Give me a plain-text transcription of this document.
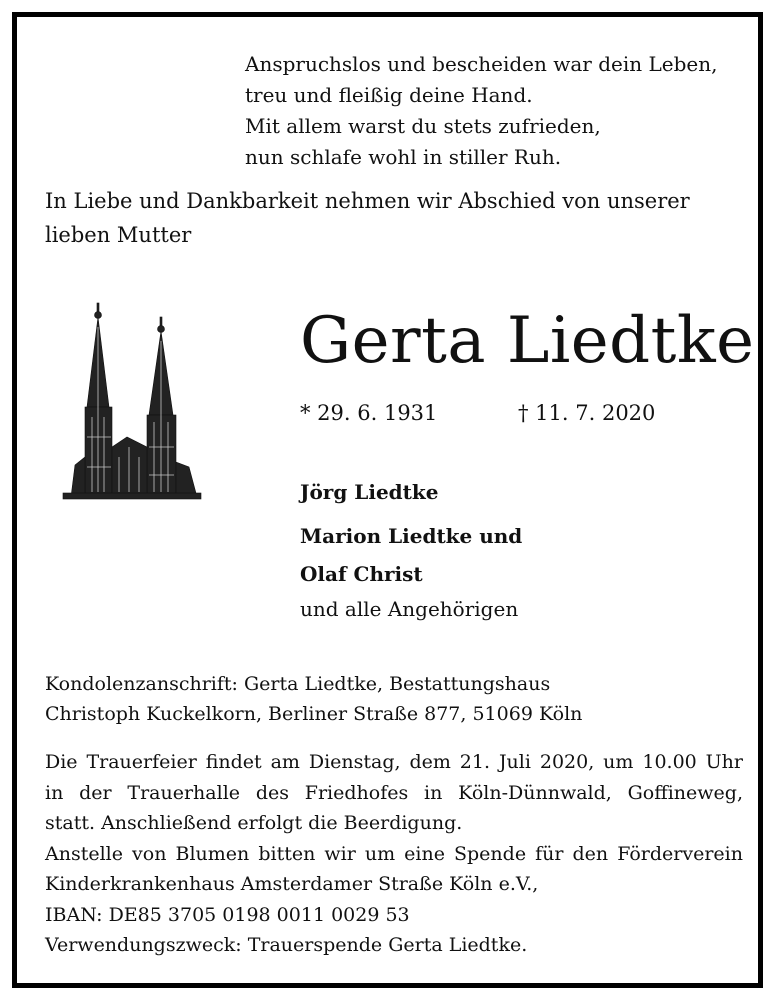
Anspruchslos und bescheiden war dein Leben,
treu und fleißig deine Hand.
Mit allem warst du stets zufrieden,
nun schlafe wohl in stiller Ruh.
In Liebe und Dankbarkeit nehmen wir Abschied von unserer lieben Mutter
Gerta Liedtke
* 29. 6. 1931	† 11. 7. 2020
Jörg Liedtke
Marion Liedtke und
Olaf Christ
und alle Angehörigen
Kondolenzanschrift: Gerta Liedtke, Bestattungshaus
Christoph Kuckelkorn, Berliner Straße 877, 51069 Köln
Die Trauerfeier findet am Dienstag, dem 21. Juli 2020, um 10.00 Uhr
in der Trauerhalle des Friedhofes in Köln-Dünnwald, Goffineweg,
statt. Anschließend erfolgt die Beerdigung.
Anstelle von Blumen bitten wir um eine Spende für den Förderverein
Kinderkrankenhaus Amsterdamer Straße Köln e.V.,
IBAN: DE85 3705 0198 0011 0029 53
Verwendungszweck: Trauerspende Gerta Liedtke.
